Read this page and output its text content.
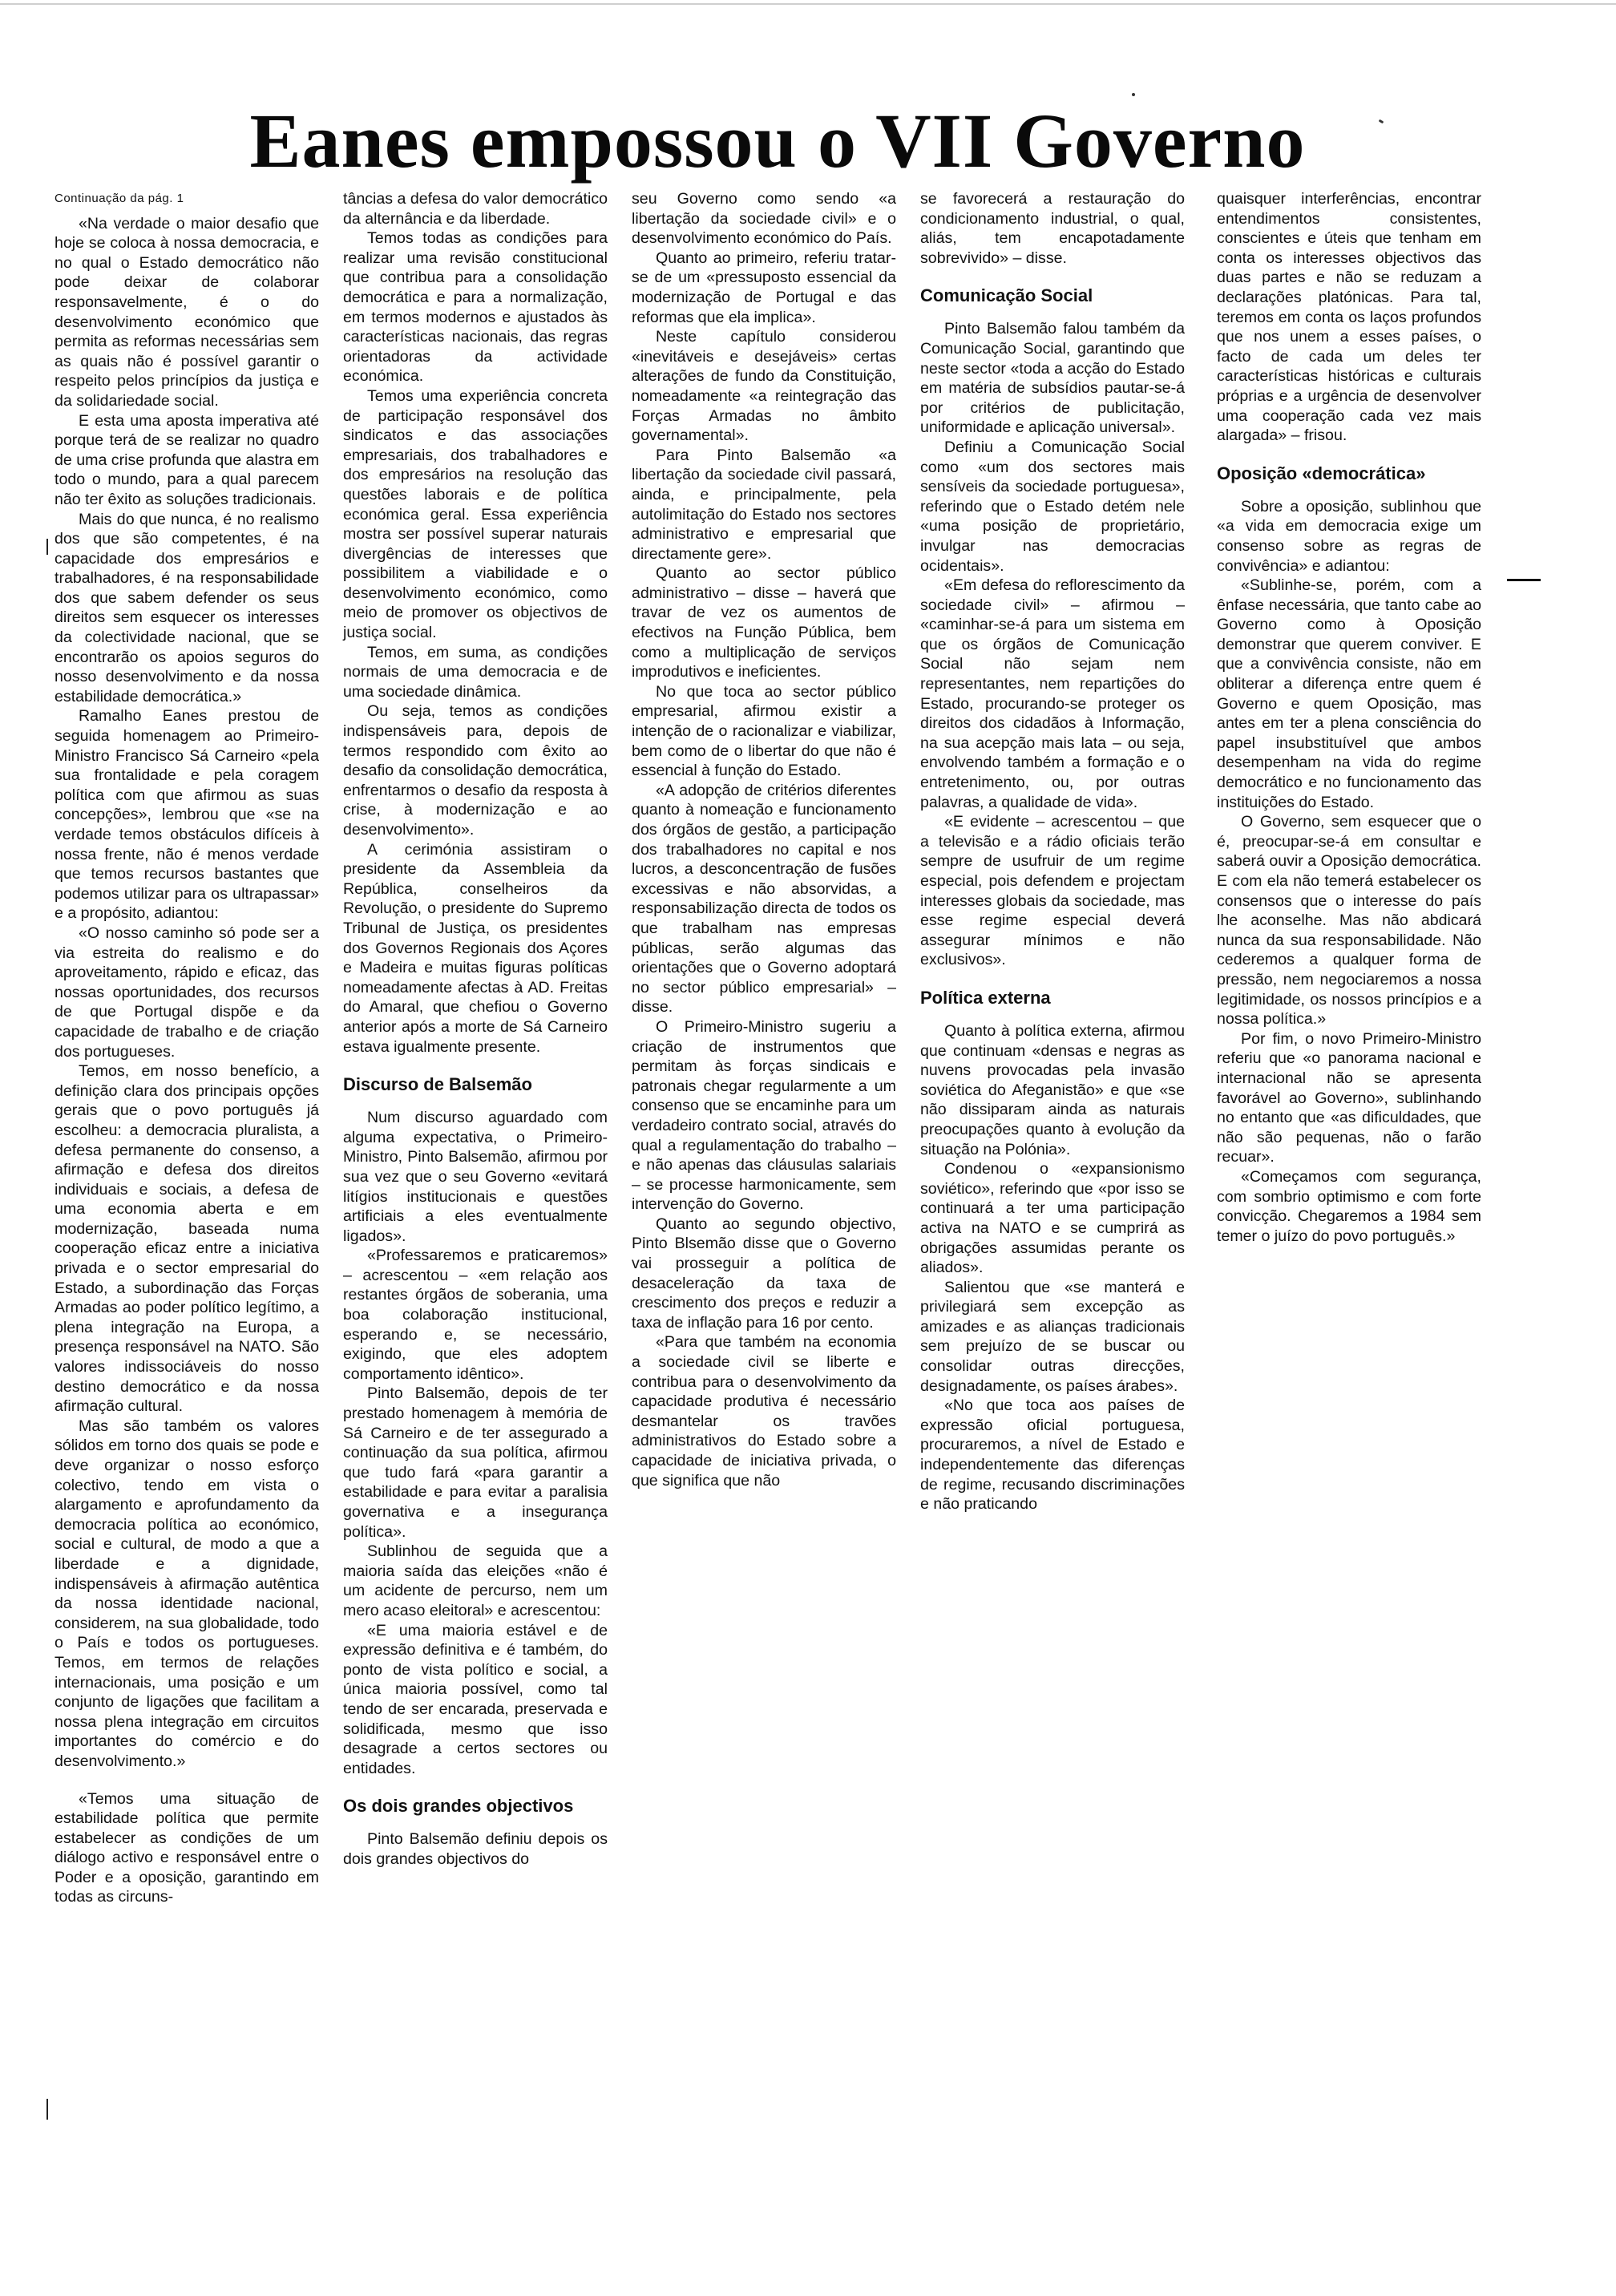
Eanes empossou o VII Governo

Continuação da pág. 1

«Na verdade o maior desafio que hoje se coloca à nossa democracia, e no qual o Estado democrático não pode deixar de colaborar responsavelmente, é o do desenvolvimento económico que permita as reformas necessárias sem as quais não é possível garantir o respeito pelos princípios da justiça e da solidariedade social.

E esta uma aposta imperativa até porque terá de se realizar no quadro de uma crise profunda que alastra em todo o mundo, para a qual parecem não ter êxito as soluções tradicionais.

Mais do que nunca, é no realismo dos que são competentes, é na capacidade dos empresários e trabalhadores, é na responsabilidade dos que sabem defender os seus direitos sem esquecer os interesses da colectividade nacional, que se encontrarão os apoios seguros do nosso desenvolvimento e da nossa estabilidade democrática.»

Ramalho Eanes prestou de seguida homenagem ao Primeiro-Ministro Francisco Sá Carneiro «pela sua frontalidade e pela coragem política com que afirmou as suas concepções», lembrou que «se na verdade temos obstáculos difíceis à nossa frente, não é menos verdade que temos recursos bastantes que podemos utilizar para os ultrapassar» e a propósito, adiantou:

«O nosso caminho só pode ser a via estreita do realismo e do aproveitamento, rápido e eficaz, das nossas oportunidades, dos recursos de que Portugal dispõe e da capacidade de trabalho e de criação dos portugueses.

Temos, em nosso benefício, a definição clara dos principais opções gerais que o povo português já escolheu: a democracia pluralista, a defesa permanente do consenso, a afirmação e defesa dos direitos individuais e sociais, a defesa de uma economia aberta e em modernização, baseada numa cooperação eficaz entre a iniciativa privada e o sector empresarial do Estado, a subordinação das Forças Armadas ao poder político legítimo, a plena integração na Europa, a presença responsável na NATO. São valores indissociáveis do nosso destino democrático e da nossa afirmação cultural.

Mas são também os valores sólidos em torno dos quais se pode e deve organizar o nosso esforço colectivo, tendo em vista o alargamento e aprofundamento da democracia política ao económico, social e cultural, de modo a que a liberdade e a dignidade, indispensáveis à afirmação autêntica da nossa identidade nacional, considerem, na sua globalidade, todo o País e todos os portugueses. Temos, em termos de relações internacionais, uma posição e um conjunto de ligações que facilitam a nossa plena integração em circuitos importantes do comércio e do desenvolvimento.»

«Temos uma situação de estabilidade política que permite estabelecer as condições de um diálogo activo e responsável entre o Poder e a oposição, garantindo em todas as circuns-

tâncias a defesa do valor democrático da alternância e da liberdade.

Temos todas as condições para realizar uma revisão constitucional que contribua para a consolidação democrática e para a normalização, em termos modernos e ajustados às características nacionais, das regras orientadoras da actividade económica.

Temos uma experiência concreta de participação responsável dos sindicatos e das associações empresariais, dos trabalhadores e dos empresários na resolução das questões laborais e de política económica geral. Essa experiência mostra ser possível superar naturais divergências de interesses que possibilitem a viabilidade e o desenvolvimento económico, como meio de promover os objectivos de justiça social.

Temos, em suma, as condições normais de uma democracia e de uma sociedade dinâmica.

Ou seja, temos as condições indispensáveis para, depois de termos respondido com êxito ao desafio da consolidação democrática, enfrentarmos o desafio da resposta à crise, à modernização e ao desenvolvimento».

A cerimónia assistiram o presidente da Assembleia da República, conselheiros da Revolução, o presidente do Supremo Tribunal de Justiça, os presidentes dos Governos Regionais dos Açores e Madeira e muitas figuras políticas nomeadamente afectas à AD. Freitas do Amaral, que chefiou o Governo anterior após a morte de Sá Carneiro estava igualmente presente.

Discurso de Balsemão

Num discurso aguardado com alguma expectativa, o Primeiro-Ministro, Pinto Balsemão, afirmou por sua vez que o seu Governo «evitará litígios institucionais e questões artificiais a eles eventualmente ligados».

«Professaremos e praticaremos» – acrescentou – «em relação aos restantes órgãos de soberania, uma boa colaboração institucional, esperando e, se necessário, exigindo, que eles adoptem comportamento idêntico».

Pinto Balsemão, depois de ter prestado homenagem à memória de Sá Carneiro e de ter assegurado a continuação da sua política, afirmou que tudo fará «para garantir a estabilidade e para evitar a paralisia governativa e a insegurança política».

Sublinhou de seguida que a maioria saída das eleições «não é um acidente de percurso, nem um mero acaso eleitoral» e acrescentou:

«E uma maioria estável e de expressão definitiva e é também, do ponto de vista político e social, a única maioria possível, como tal tendo de ser encarada, preservada e solidificada, mesmo que isso desagrade a certos sectores ou entidades.

Os dois grandes objectivos

Pinto Balsemão definiu depois os dois grandes objectivos do

seu Governo como sendo «a libertação da sociedade civil» e o desenvolvimento económico do País.

Quanto ao primeiro, referiu tratar-se de um «pressuposto essencial da modernização de Portugal e das reformas que ela implica».

Neste capítulo considerou «inevitáveis e desejáveis» certas alterações de fundo da Constituição, nomeadamente «a reintegração das Forças Armadas no âmbito governamental».

Para Pinto Balsemão «a libertação da sociedade civil passará, ainda, e principalmente, pela autolimitação do Estado nos sectores administrativo e empresarial que directamente gere».

Quanto ao sector público administrativo – disse – haverá que travar de vez os aumentos de efectivos na Função Pública, bem como a multiplicação de serviços improdutivos e ineficientes.

No que toca ao sector público empresarial, afirmou existir a intenção de o racionalizar e viabilizar, bem como de o libertar do que não é essencial à função do Estado.

«A adopção de critérios diferentes quanto à nomeação e funcionamento dos órgãos de gestão, a participação dos trabalhadores no capital e nos lucros, a desconcentração de fusões excessivas e não absorvidas, a responsabilização directa de todos os que trabalham nas empresas públicas, serão algumas das orientações que o Governo adoptará no sector público empresarial» – disse.

O Primeiro-Ministro sugeriu a criação de instrumentos que permitam às forças sindicais e patronais chegar regularmente a um consenso que se encaminhe para um verdadeiro contrato social, através do qual a regulamentação do trabalho – e não apenas das cláusulas salariais – se processe harmonicamente, sem intervenção do Governo.

Quanto ao segundo objectivo, Pinto Blsemão disse que o Governo vai prosseguir a política de desaceleração da taxa de crescimento dos preços e reduzir a taxa de inflação para 16 por cento.

«Para que também na economia a sociedade civil se liberte e contribua para o desenvolvimento da capacidade produtiva é necessário desmantelar os travões administrativos do Estado sobre a capacidade de iniciativa privada, o que significa que não

se favorecerá a restauração do condicionamento industrial, o qual, aliás, tem encapotadamente sobrevivido» – disse.

Comunicação Social

Pinto Balsemão falou também da Comunicação Social, garantindo que neste sector «toda a acção do Estado em matéria de subsídios pautar-se-á por critérios de publicitação, uniformidade e aplicação universal».

Definiu a Comunicação Social como «um dos sectores mais sensíveis da sociedade portuguesa», referindo que o Estado detém nele «uma posição de proprietário, invulgar nas democracias ocidentais».

«Em defesa do reflorescimento da sociedade civil» – afirmou – «caminhar-se-á para um sistema em que os órgãos de Comunicação Social não sejam nem representantes, nem repartições do Estado, procurando-se proteger os direitos dos cidadãos à Informação, na sua acepção mais lata – ou seja, envolvendo também a formação e o entretenimento, ou, por outras palavras, a qualidade de vida».

«E evidente – acrescentou – que a televisão e a rádio oficiais terão sempre de usufruir de um regime especial, pois defendem e projectam interesses globais da sociedade, mas esse regime especial deverá assegurar mínimos e não exclusivos».

Política externa

Quanto à política externa, afirmou que continuam «densas e negras as nuvens provocadas pela invasão soviética do Afeganistão» e que «se não dissiparam ainda as naturais preocupações quanto à evolução da situação na Polónia».

Condenou o «expansionismo soviético», referindo que «por isso se continuará a ter uma participação activa na NATO e se cumprirá as obrigações assumidas perante os aliados».

Salientou que «se manterá e privilegiará sem excepção as amizades e as alianças tradicionais sem prejuízo de se buscar ou consolidar outras direcções, designadamente, os países árabes».

«No que toca aos países de expressão oficial portuguesa, procuraremos, a nível de Estado e independentemente das diferenças de regime, recusando discriminações e não praticando

quaisquer interferências, encontrar entendimentos consistentes, conscientes e úteis que tenham em conta os interesses objectivos das duas partes e não se reduzam a declarações platónicas. Para tal, teremos em conta os laços profundos que nos unem a esses países, o facto de cada um deles ter características históricas e culturais próprias e a urgência de desenvolver uma cooperação cada vez mais alargada» – frisou.

Oposição «democrática»

Sobre a oposição, sublinhou que «a vida em democracia exige um consenso sobre as regras de convivência» e adiantou:

«Sublinhe-se, porém, com a ênfase necessária, que tanto cabe ao Governo como à Oposição demonstrar que querem conviver. E que a convivência consiste, não em obliterar a diferença entre quem é Governo e quem Oposição, mas antes em ter a plena consciência do papel insubstituível que ambos desempenham na vida do regime democrático e no funcionamento das instituições do Estado.

O Governo, sem esquecer que o é, preocupar-se-á em consultar e saberá ouvir a Oposição democrática. E com ela não temerá estabelecer os consensos que o interesse do país lhe aconselhe. Mas não abdicará nunca da sua responsabilidade. Não cederemos a qualquer forma de pressão, nem negociaremos a nossa legitimidade, os nossos princípios e a nossa política.»

Por fim, o novo Primeiro-Ministro referiu que «o panorama nacional e internacional não se apresenta favorável ao Governo», sublinhando no entanto que «as dificuldades, que não são pequenas, não o farão recuar».

«Começamos com segurança, com sombrio optimismo e com forte convicção. Chegaremos a 1984 sem temer o juízo do povo português.»
